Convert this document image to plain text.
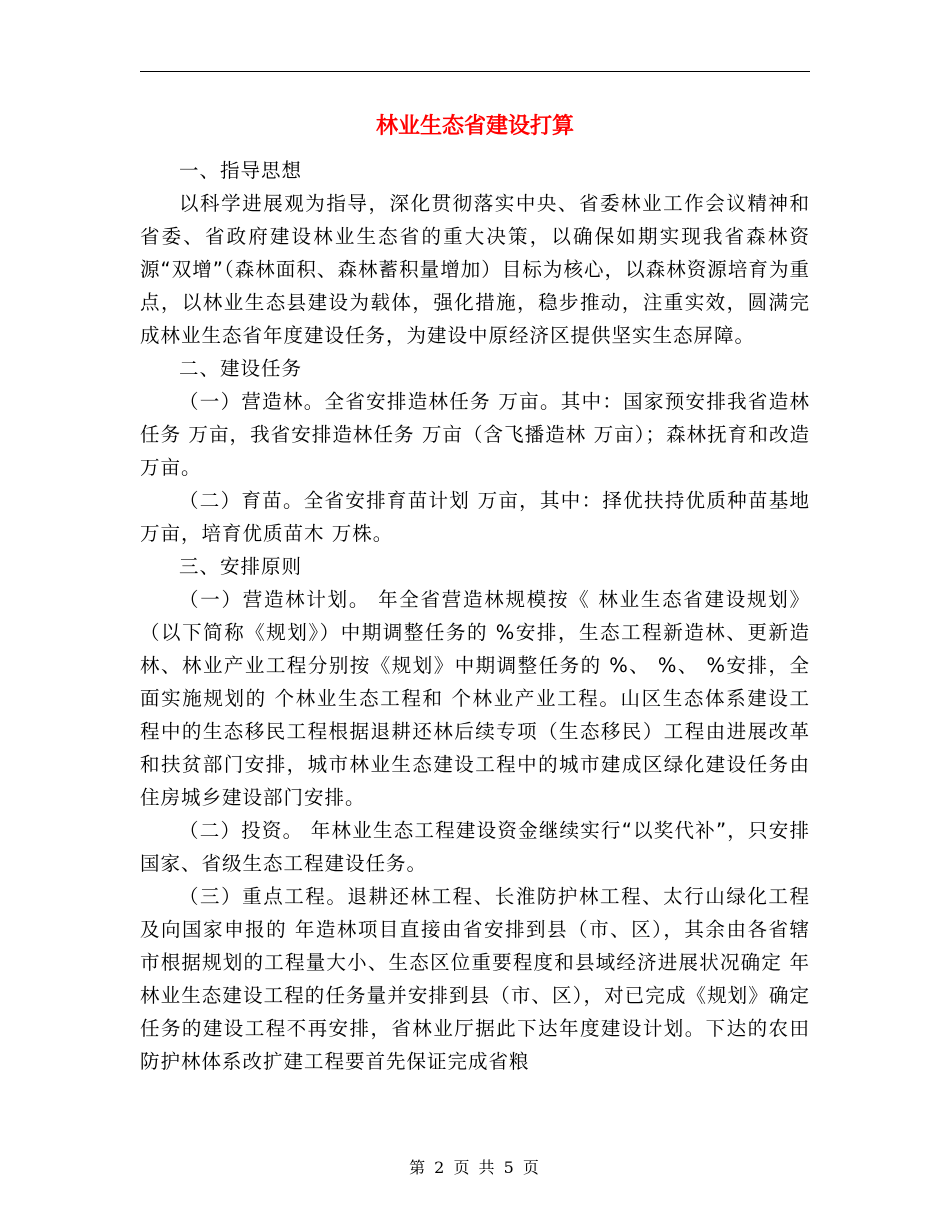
林业生态省建设打算

一、指导思想

以科学进展观为指导，深化贯彻落实中央、省委林业工作会议精神和省委、省政府建设林业生态省的重大决策，以确保如期实现我省森林资源“双增”（森林面积、森林蓄积量增加）目标为核心，以森林资源培育为重点，以林业生态县建设为载体，强化措施，稳步推动，注重实效，圆满完成林业生态省年度建设任务，为建设中原经济区提供坚实生态屏障。

二、建设任务

（一）营造林。全省安排造林任务 万亩。其中：国家预安排我省造林任务 万亩，我省安排造林任务 万亩（含飞播造林 万亩）；森林抚育和改造 万亩。

（二）育苗。全省安排育苗计划 万亩，其中：择优扶持优质种苗基地 万亩，培育优质苗木 万株。

三、安排原则

（一）营造林计划。 年全省营造林规模按《 林业生态省建设规划》（以下简称《规划》）中期调整任务的 %安排，生态工程新造林、更新造林、林业产业工程分别按《规划》中期调整任务的 %、 %、 %安排，全面实施规划的 个林业生态工程和 个林业产业工程。山区生态体系建设工程中的生态移民工程根据退耕还林后续专项（生态移民）工程由进展改革和扶贫部门安排，城市林业生态建设工程中的城市建成区绿化建设任务由住房城乡建设部门安排。

（二）投资。 年林业生态工程建设资金继续实行“以奖代补”，只安排国家、省级生态工程建设任务。

（三）重点工程。退耕还林工程、长淮防护林工程、太行山绿化工程及向国家申报的 年造林项目直接由省安排到县（市、区），其余由各省辖市根据规划的工程量大小、生态区位重要程度和县域经济进展状况确定 年林业生态建设工程的任务量并安排到县（市、区），对已完成《规划》确定任务的建设工程不再安排，省林业厅据此下达年度建设计划。下达的农田防护林体系改扩建工程要首先保证完成省粮

第 2 页 共 5 页
